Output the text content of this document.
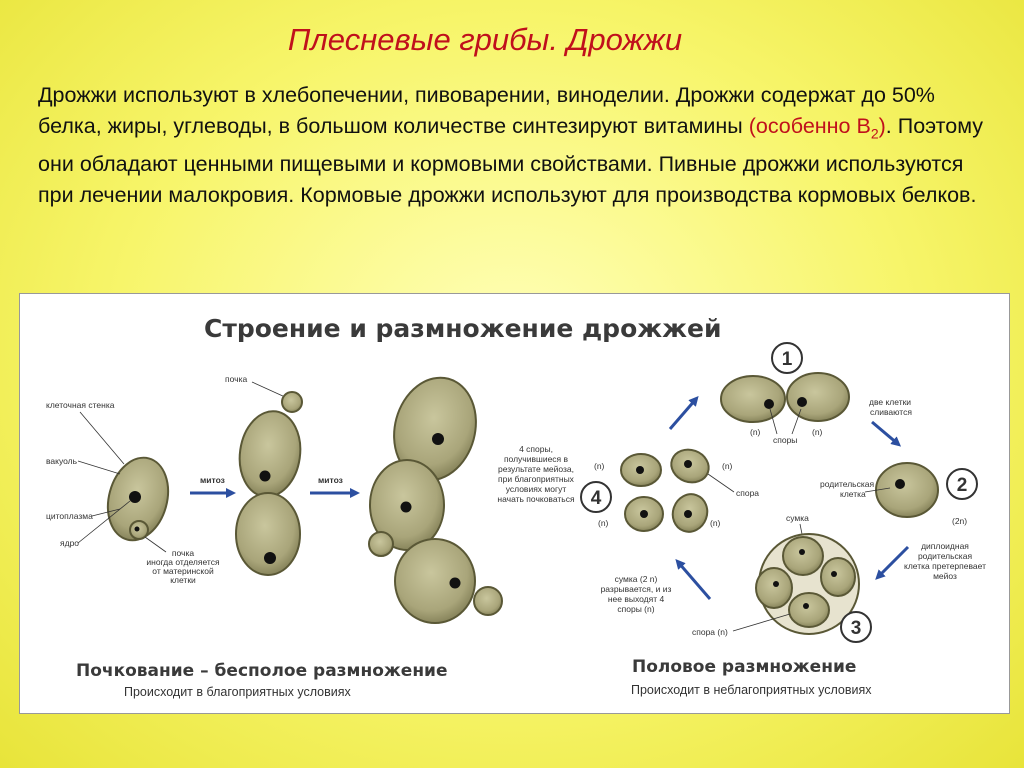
Плесневые грибы. Дрожжи

Дрожжи используют в хлебопечении, пивоварении, виноделии. Дрожжи содержат до 50% белка, жиры, углеводы, в большом количестве синтезируют витамины (особенно $В_2$). Поэтому они обладают ценными пищевыми и кормовыми свойствами. Пивные дрожжи используются при лечении малокровия. Кормовые дрожжи используют для производства кормовых белков.

Строение и размножение дрожжей
клеточная стенка
вакуоль
цитоплазма
ядро
почка
иногда отделяется
от материнской
клетки
митоз
почка
митоз
4 споры,
получившиеся в
результате мейоза,
при благоприятных
условиях могут
начать почковаться
Почкование – бесполое размножение
Происходит в благоприятных условиях
1
(n)	(n)
споры
две клетки
сливаются
2
(2n)
родительская
клетка
диплоидная
родительская
клетка претерпевает
мейоз
сумка
3
спора (n)
сумка (2 n)
разрывается, и из
нее выходят 4
споры (n)
4
(n)	(n)
(n)	(n)
спора
Половое размножение
Происходит в неблагоприятных условиях
